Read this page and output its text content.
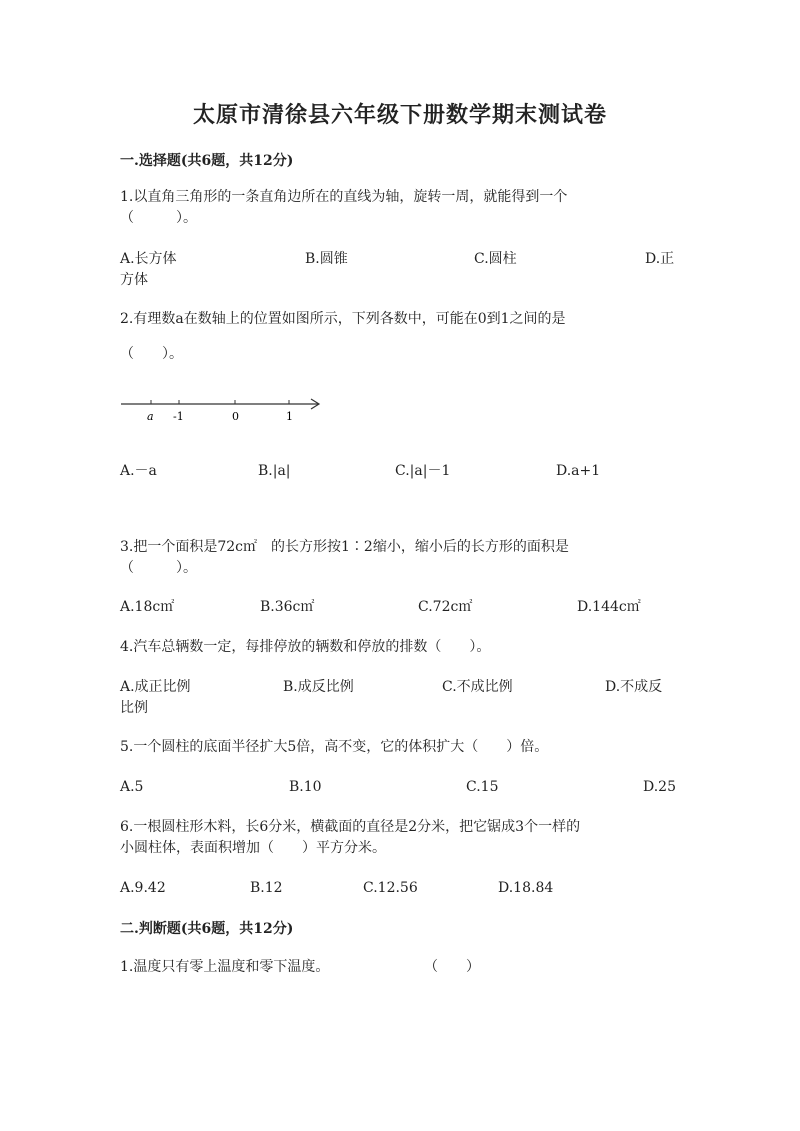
太原市清徐县六年级下册数学期末测试卷
一.选择题(共6题，共12分)
1.以直角三角形的一条直角边所在的直线为轴，旋转一周，就能得到一个
（　　　）。
A.长方体	B.圆锥	C.圆柱	D.正
方体
2.有理数a在数轴上的位置如图所示，下列各数中，可能在0到1之间的是
（　　）。
a -1	0	1
A.－a	B.|a|	C.|a|－1	D.a+1
3.把一个面积是72c㎡　的长方形按1∶2缩小，缩小后的长方形的面积是
（　　　）。
A.18c㎡	B.36c㎡	C.72c㎡	D.144c㎡
4.汽车总辆数一定，每排停放的辆数和停放的排数（　　）。
A.成正比例	B.成反比例	C.不成比例	D.不成反
比例
5.一个圆柱的底面半径扩大5倍，高不变，它的体积扩大（　　）倍。
A.5	B.10	C.15	D.25
6.一根圆柱形木料，长6分米，横截面的直径是2分米，把它锯成3个一样的
小圆柱体，表面积增加（　　）平方分米。
A.9.42	B.12	C.12.56	D.18.84
二.判断题(共6题，共12分)
1.温度只有零上温度和零下温度。	（　　）
